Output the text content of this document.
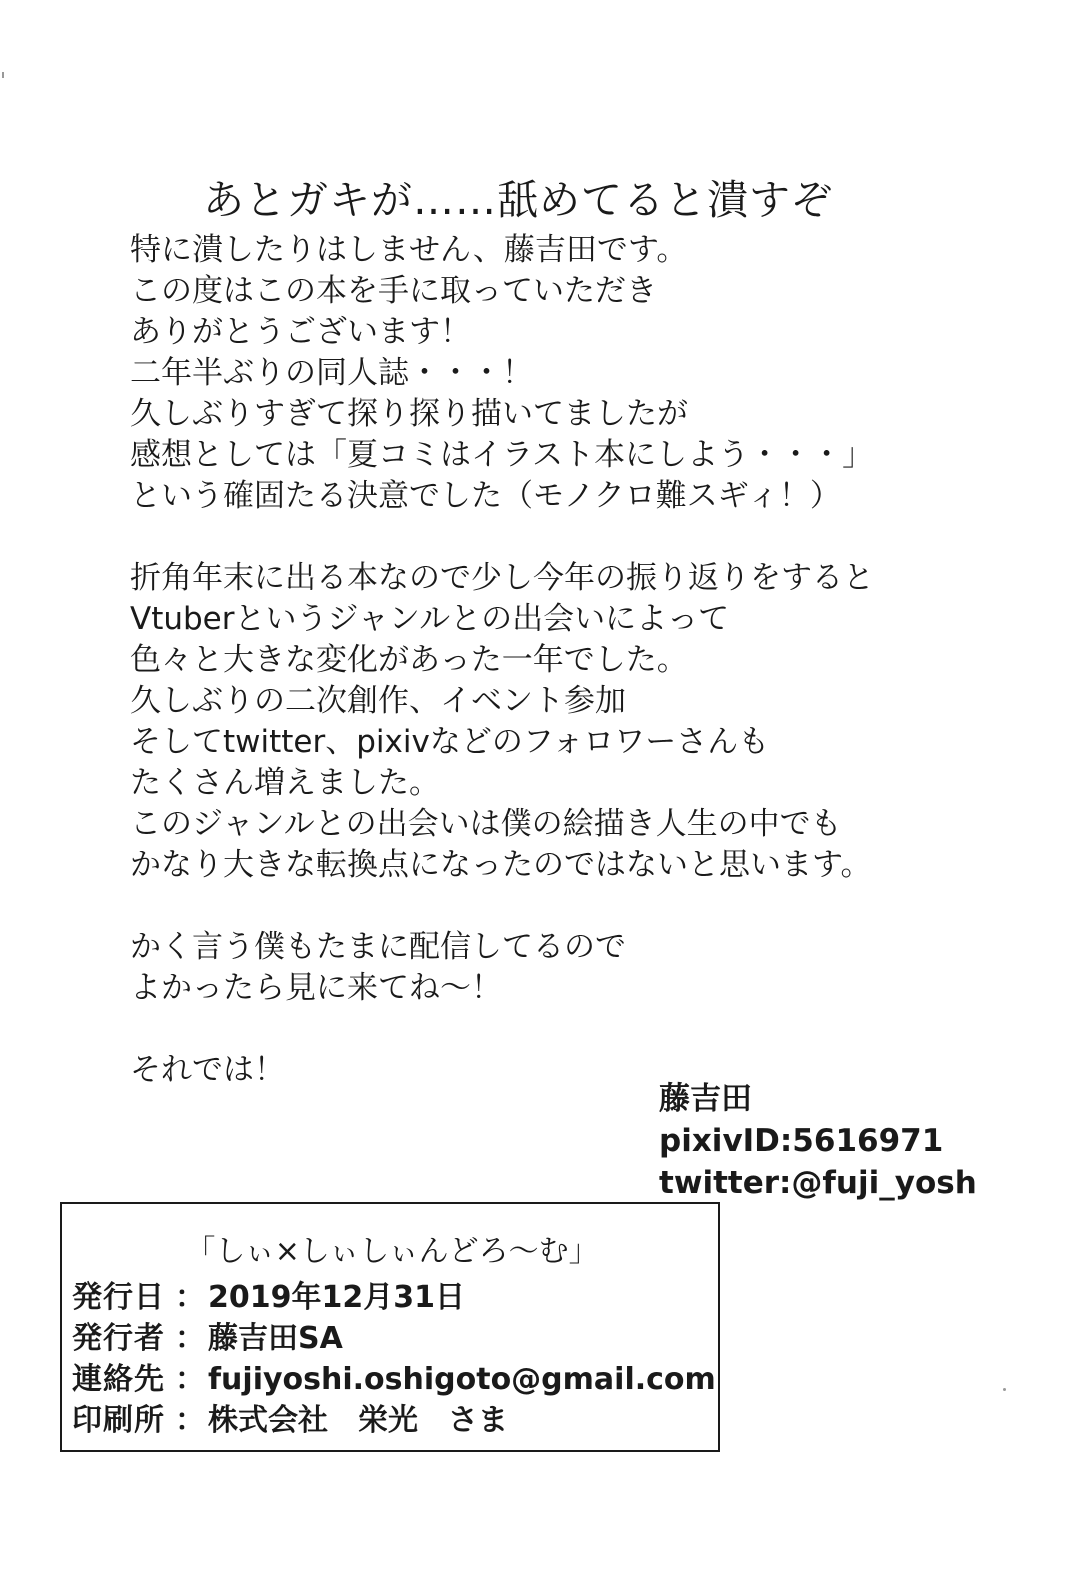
あとガキが……舐めてると潰すぞ
特に潰したりはしません、藤吉田です。
この度はこの本を手に取っていただき
ありがとうございます！
二年半ぶりの同人誌・・・！
久しぶりすぎて探り探り描いてましたが
感想としては「夏コミはイラスト本にしよう・・・」
という確固たる決意でした（モノクロ難スギィ！）
折角年末に出る本なので少し今年の振り返りをすると
Vtuberというジャンルとの出会いによって
色々と大きな変化があった一年でした。
久しぶりの二次創作、イベント参加
そしてtwitter、pixivなどのフォロワーさんも
たくさん増えました。
このジャンルとの出会いは僕の絵描き人生の中でも
かなり大きな転換点になったのではないと思います。
かく言う僕もたまに配信してるので
よかったら見に来てね～！
それでは！
藤吉田
pixivID:5616971
twitter:@fuji_yosh
「しぃ×しぃしぃんどろ～む」
発行日 ： 2019年12月31日
発行者 ： 藤吉田SA
連絡先 ： fujiyoshi.oshigoto@gmail.com
印刷所 ： 株式会社　栄光　さま
